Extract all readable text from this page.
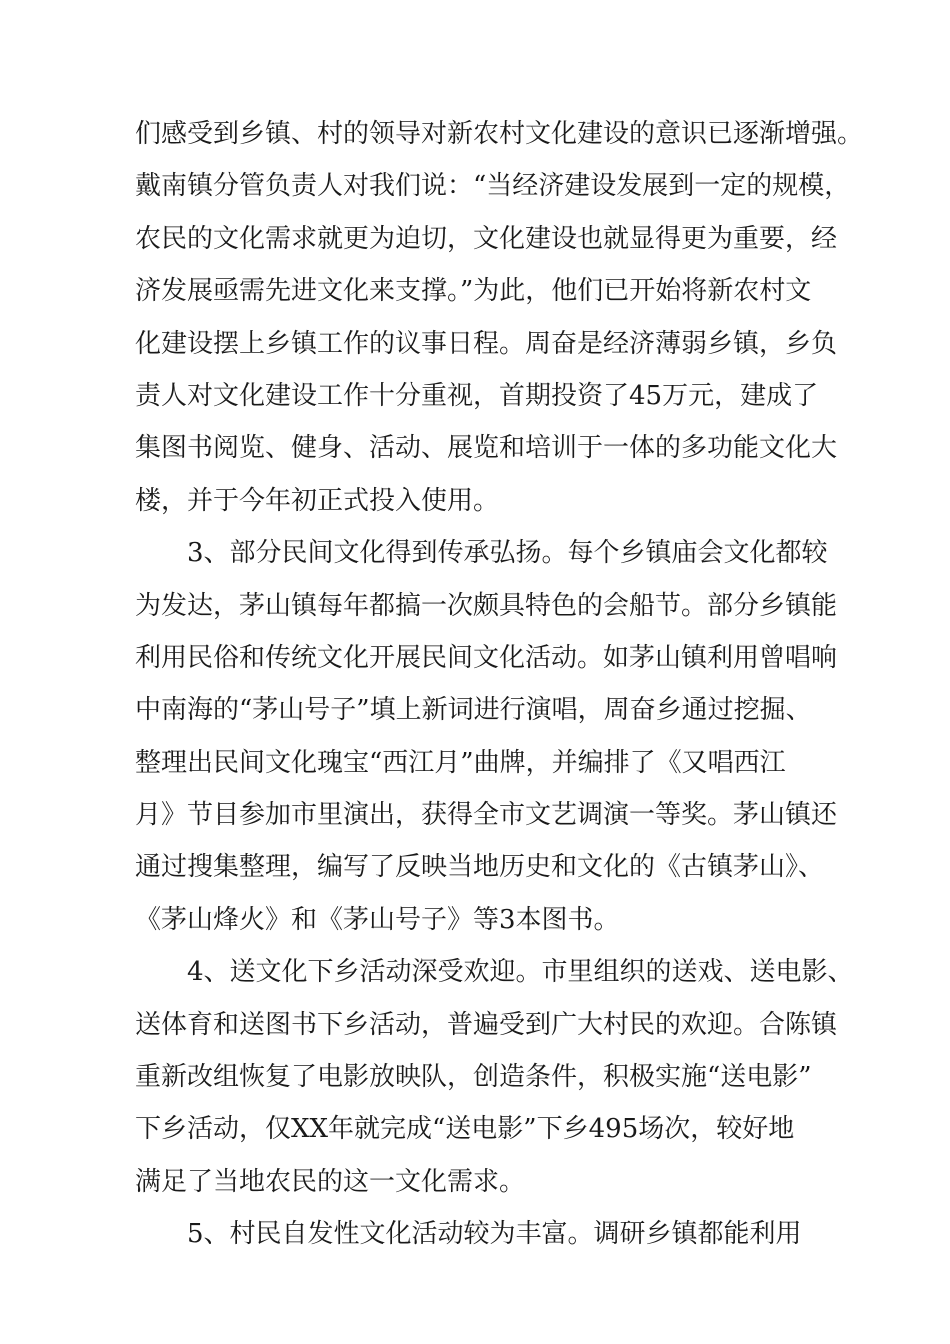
们感受到乡镇、村的领导对新农村文化建设的意识已逐渐增强。
戴南镇分管负责人对我们说：“当经济建设发展到一定的规模，
农民的文化需求就更为迫切，文化建设也就显得更为重要，经
济发展亟需先进文化来支撑。”为此，他们已开始将新农村文
化建设摆上乡镇工作的议事日程。周奋是经济薄弱乡镇，乡负
责人对文化建设工作十分重视，首期投资了45万元，建成了
集图书阅览、健身、活动、展览和培训于一体的多功能文化大
楼，并于今年初正式投入使用。
3、部分民间文化得到传承弘扬。每个乡镇庙会文化都较
为发达，茅山镇每年都搞一次颇具特色的会船节。部分乡镇能
利用民俗和传统文化开展民间文化活动。如茅山镇利用曾唱响
中南海的“茅山号子”填上新词进行演唱，周奋乡通过挖掘、
整理出民间文化瑰宝“西江月”曲牌，并编排了《又唱西江
月》节目参加市里演出，获得全市文艺调演一等奖。茅山镇还
通过搜集整理，编写了反映当地历史和文化的《古镇茅山》、
《茅山烽火》和《茅山号子》等3本图书。
4、送文化下乡活动深受欢迎。市里组织的送戏、送电影、
送体育和送图书下乡活动，普遍受到广大村民的欢迎。合陈镇
重新改组恢复了电影放映队，创造条件，积极实施“送电影”
下乡活动，仅XX年就完成“送电影”下乡495场次，较好地
满足了当地农民的这一文化需求。
5、村民自发性文化活动较为丰富。调研乡镇都能利用
